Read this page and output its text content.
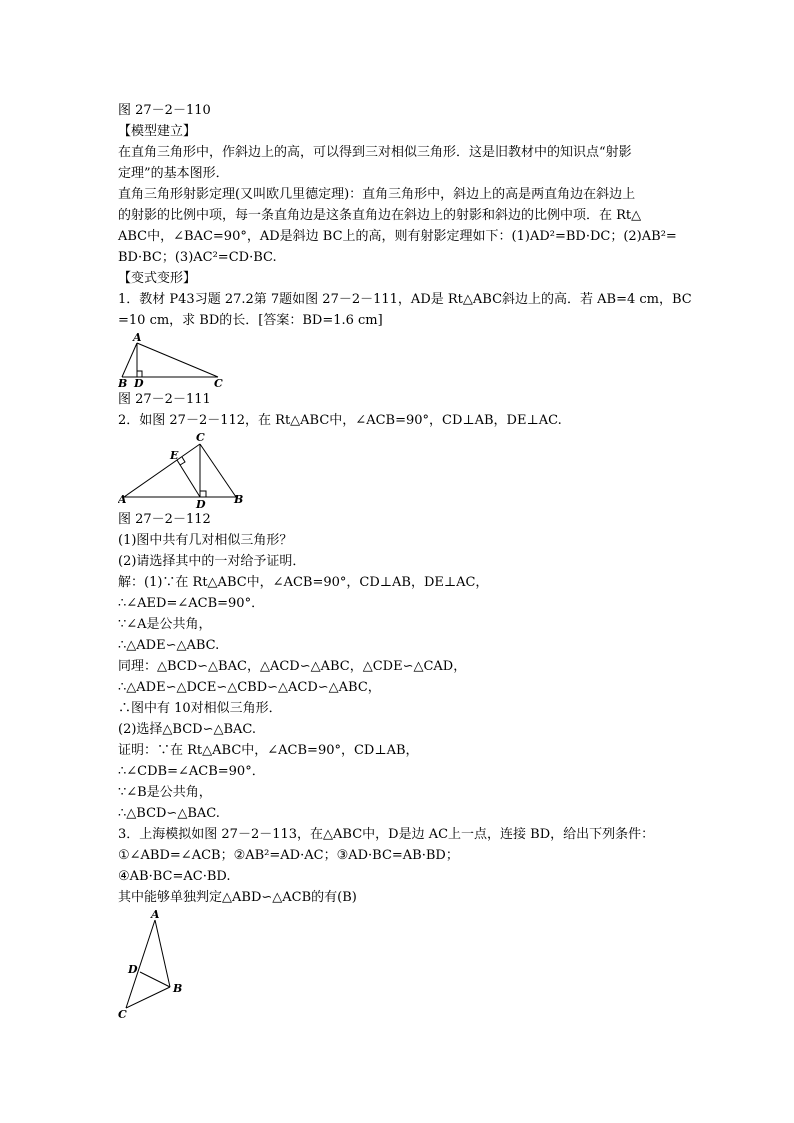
图 27－2－110
【模型建立】
在直角三角形中，作斜边上的高，可以得到三对相似三角形．这是旧教材中的知识点“射影
定理”的基本图形．
直角三角形射影定理(又叫欧几里德定理)：直角三角形中，斜边上的高是两直角边在斜边上
的射影的比例中项，每一条直角边是这条直角边在斜边上的射影和斜边的比例中项．在 Rt△
ABC中，∠BAC=90°，AD是斜边 BC上的高，则有射影定理如下：(1)AD²=BD·DC；(2)AB²=
BD·BC；(3)AC²=CD·BC.
【变式变形】
1．教材 P43习题 27.2第 7题如图 27－2－111，AD是 Rt△ABC斜边上的高．若 AB=4 cm，BC
=10 cm，求 BD的长．[答案：BD=1.6 cm]
A
B D	C
图 27－2－111
2．如图 27－2－112，在 Rt△ABC中，∠ACB=90°，CD⊥AB，DE⊥AC.
C
E
A	D	B
图 27－2－112
(1)图中共有几对相似三角形？
(2)请选择其中的一对给予证明．
解：(1)∵在 Rt△ABC中，∠ACB=90°，CD⊥AB，DE⊥AC，
∴∠AED=∠ACB=90°．
∵∠A是公共角，
∴△ADE∽△ABC.
同理：△BCD∽△BAC，△ACD∽△ABC，△CDE∽△CAD，
∴△ADE∽△DCE∽△CBD∽△ACD∽△ABC，
∴图中有 10对相似三角形．
(2)选择△BCD∽△BAC.
证明：∵在 Rt△ABC中，∠ACB=90°，CD⊥AB，
∴∠CDB=∠ACB=90°．
∵∠B是公共角，
∴△BCD∽△BAC.
3．上海模拟如图 27－2－113，在△ABC中，D是边 AC上一点，连接 BD，给出下列条件：
①∠ABD=∠ACB；②AB²=AD·AC；③AD·BC=AB·BD；
④AB·BC=AC·BD.
其中能够单独判定△ABD∽△ACB的有(B)
A
D
B
C
